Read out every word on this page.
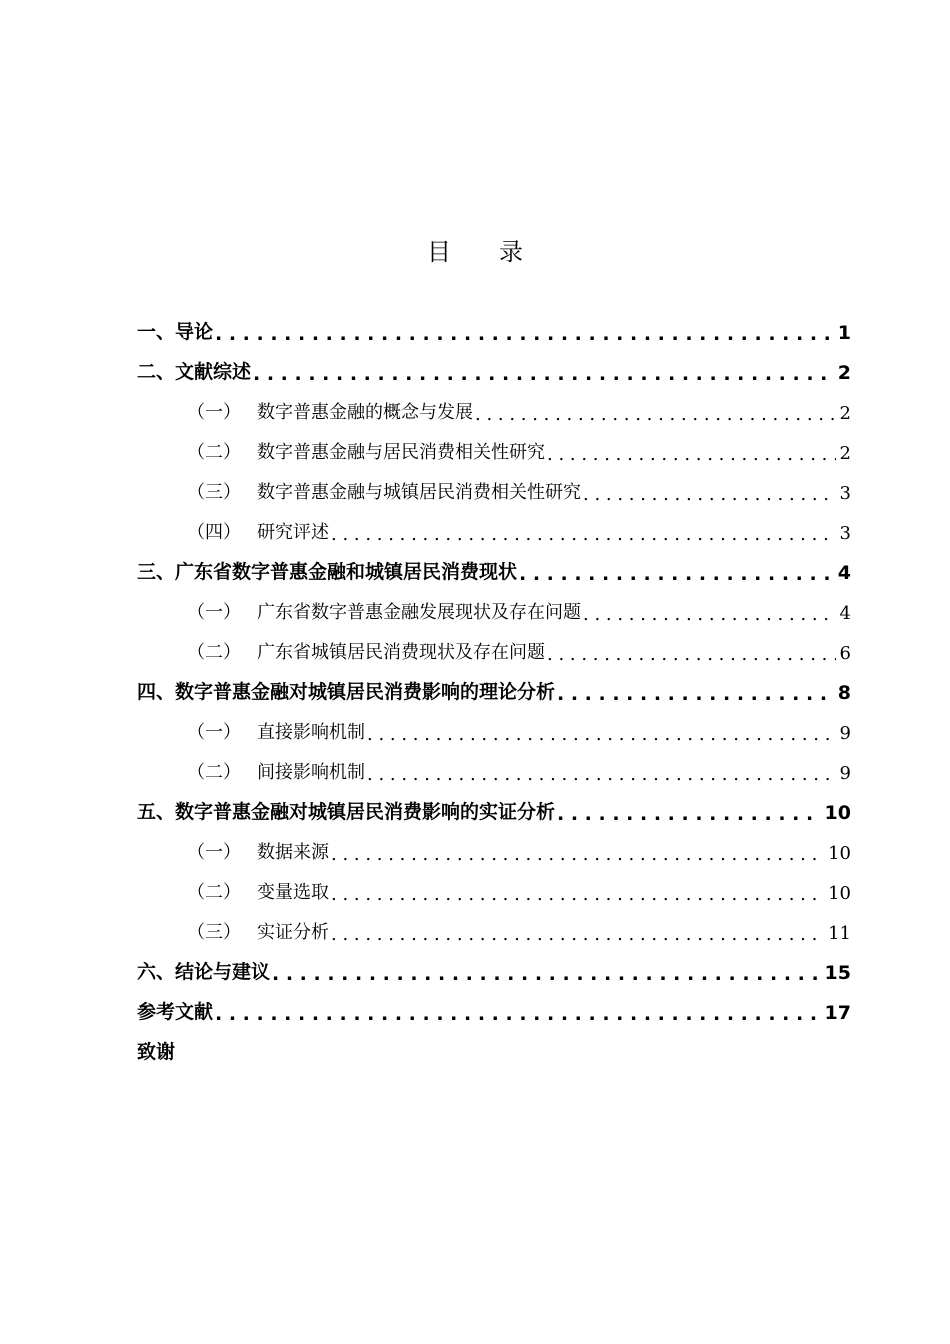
目 录
一、导论 . . .	1
二、文献综述 . . .	2
（一） 数字普惠金融的概念与发展 . . .	2
（二） 数字普惠金融与居民消费相关性研究 . . .	2
（三） 数字普惠金融与城镇居民消费相关性研究 . . .	3
（四） 研究评述 . . .	3
三、广东省数字普惠金融和城镇居民消费现状 . . .	4
（一） 广东省数字普惠金融发展现状及存在问题 . . .	4
（二） 广东省城镇居民消费现状及存在问题 . . .	6
四、数字普惠金融对城镇居民消费影响的理论分析 . . .	8
（一） 直接影响机制 . . .	9
（二） 间接影响机制 . . .	9
五、数字普惠金融对城镇居民消费影响的实证分析 . . .	10
（一） 数据来源 . . .	10
（二） 变量选取 . . .	10
（三） 实证分析 . . .	11
六、结论与建议 . . .	15
参考文献 . . .	17
致谢
